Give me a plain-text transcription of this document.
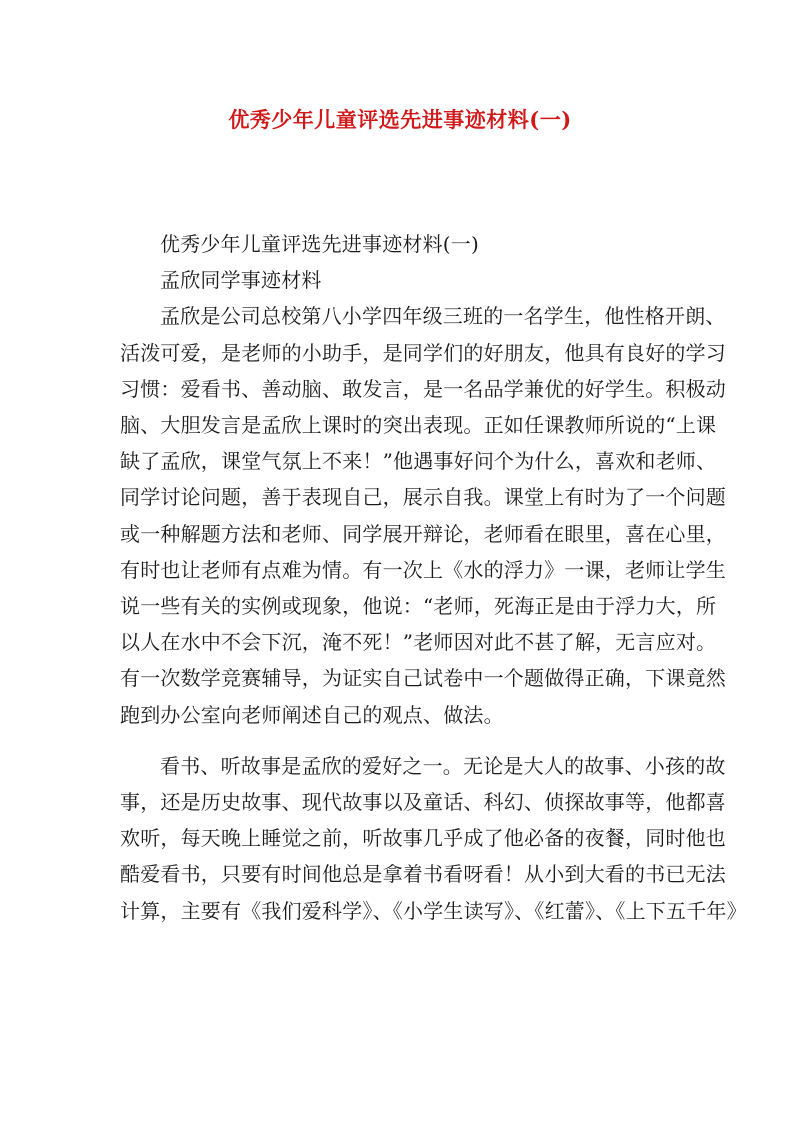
优秀少年儿童评选先进事迹材料(一)

优秀少年儿童评选先进事迹材料(一)

孟欣同学事迹材料

孟欣是公司总校第八小学四年级三班的一名学生，他性格开朗、

活泼可爱，是老师的小助手，是同学们的好朋友，他具有良好的学习

习惯：爱看书、善动脑、敢发言，是一名品学兼优的好学生。积极动

脑、大胆发言是孟欣上课时的突出表现。正如任课教师所说的“上课

缺了孟欣，课堂气氛上不来！”他遇事好问个为什么，喜欢和老师、

同学讨论问题，善于表现自己，展示自我。课堂上有时为了一个问题

或一种解题方法和老师、同学展开辩论，老师看在眼里，喜在心里，

有时也让老师有点难为情。有一次上《水的浮力》一课，老师让学生

说一些有关的实例或现象，他说：“老师，死海正是由于浮力大，所

以人在水中不会下沉，淹不死！”老师因对此不甚了解，无言应对。

有一次数学竞赛辅导，为证实自己试卷中一个题做得正确，下课竟然

跑到办公室向老师阐述自己的观点、做法。

看书、听故事是孟欣的爱好之一。无论是大人的故事、小孩的故

事，还是历史故事、现代故事以及童话、科幻、侦探故事等，他都喜

欢听，每天晚上睡觉之前，听故事几乎成了他必备的夜餐，同时他也

酷爱看书，只要有时间他总是拿着书看呀看！从小到大看的书已无法

计算，主要有《我们爱科学》、《小学生读写》、《红蕾》、《上下五千年》
